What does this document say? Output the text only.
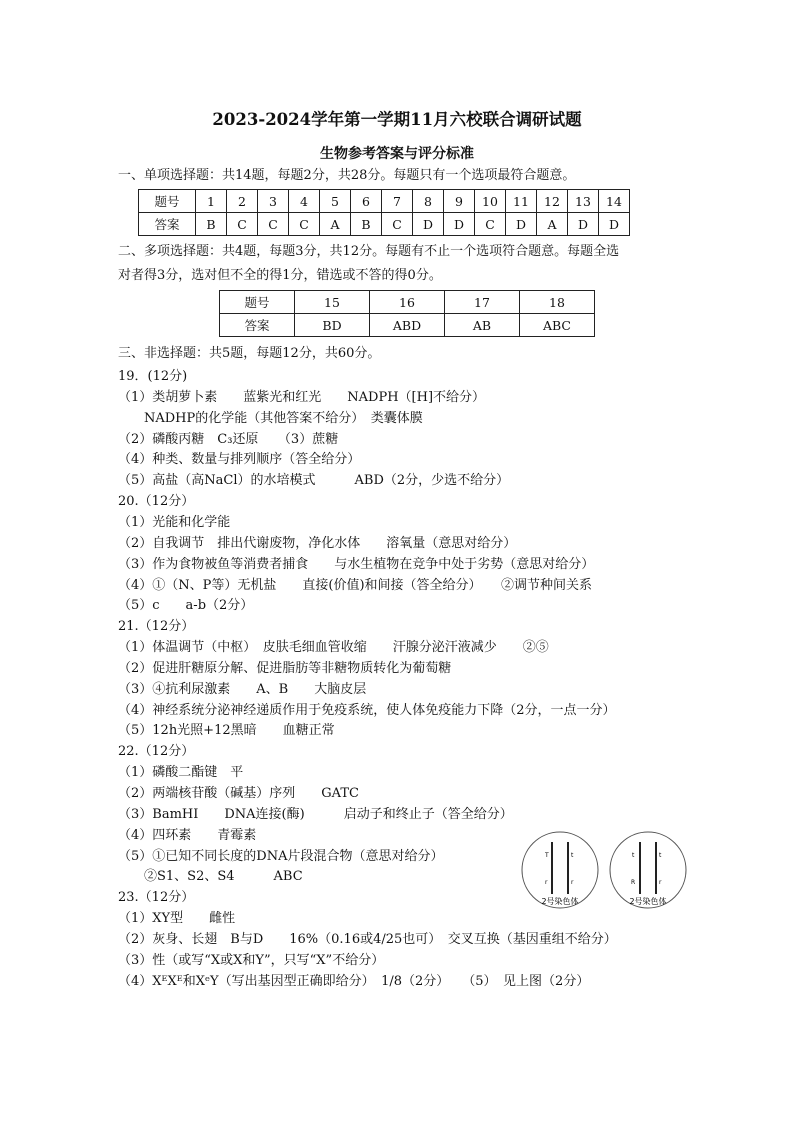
2023-2024学年第一学期11月六校联合调研试题
生物参考答案与评分标准
一、单项选择题：共14题，每题2分，共28分。每题只有一个选项最符合题意。
题号	1	2	3	4	5	6	7	8	9	10	11	12	13	14
答案	B	C	C	C	A	B	C	D	D	C	D	A	D	D
二、多项选择题：共4题，每题3分，共12分。每题有不止一个选项符合题意。每题全选
对者得3分，选对但不全的得1分，错选或不答的得0分。
题号	15	16	17	18
答案	BD	ABD	AB	ABC
三、非选择题：共5题，每题12分，共60分。
19．(12分)
（1）类胡萝卜素　　蓝紫光和红光　　NADPH（[H]不给分）
　　NADHP的化学能（其他答案不给分）　类囊体膜
（2）磷酸丙糖　C₃还原　　（3）蔗糖
（4）种类、数量与排列顺序（答全给分）
（5）高盐（高NaCl）的水培模式　　　ABD（2分，少选不给分）
20.（12分）
（1）光能和化学能
（2）自我调节　排出代谢废物，净化水体　　溶氧量（意思对给分）
（3）作为食物被鱼等消费者捕食　　与水生植物在竞争中处于劣势（意思对给分）
（4）①（N、P等）无机盐　　直接(价值)和间接（答全给分）　　②调节种间关系
（5）c　　a-b（2分）
21.（12分）
（1）体温调节（中枢）　皮肤毛细血管收缩　　汗腺分泌汗液减少　　②⑤
（2）促进肝糖原分解、促进脂肪等非糖物质转化为葡萄糖
（3）④抗利尿激素　　A、B　　大脑皮层
（4）神经系统分泌神经递质作用于免疫系统，使人体免疫能力下降（2分，一点一分）
（5）12h光照+12黑暗　　血糖正常
22.（12分）
（1）磷酸二酯键　平
（2）两端核苷酸（碱基）序列　　GATC
（3）BamHI　　DNA连接(酶)　　　启动子和终止子（答全给分）
（4）四环素　　青霉素
（5）①已知不同长度的DNA片段混合物（意思对给分）
　　②S1、S2、S4　　　ABC
23.（12分）
（1）XY型　　雌性
（2）灰身、长翅　B与D　　16%（0.16或4/25也可）　交叉互换（基因重组不给分）
（3）性（或写“X或X和Y”，只写“X”不给分）
（4）XᴱXᴱ和XᵉY（写出基因型正确即给分）　1/8（2分）　　（5）　见上图（2分）
T	t
r	r
2号染色体
t	t
R	r
2号染色体
